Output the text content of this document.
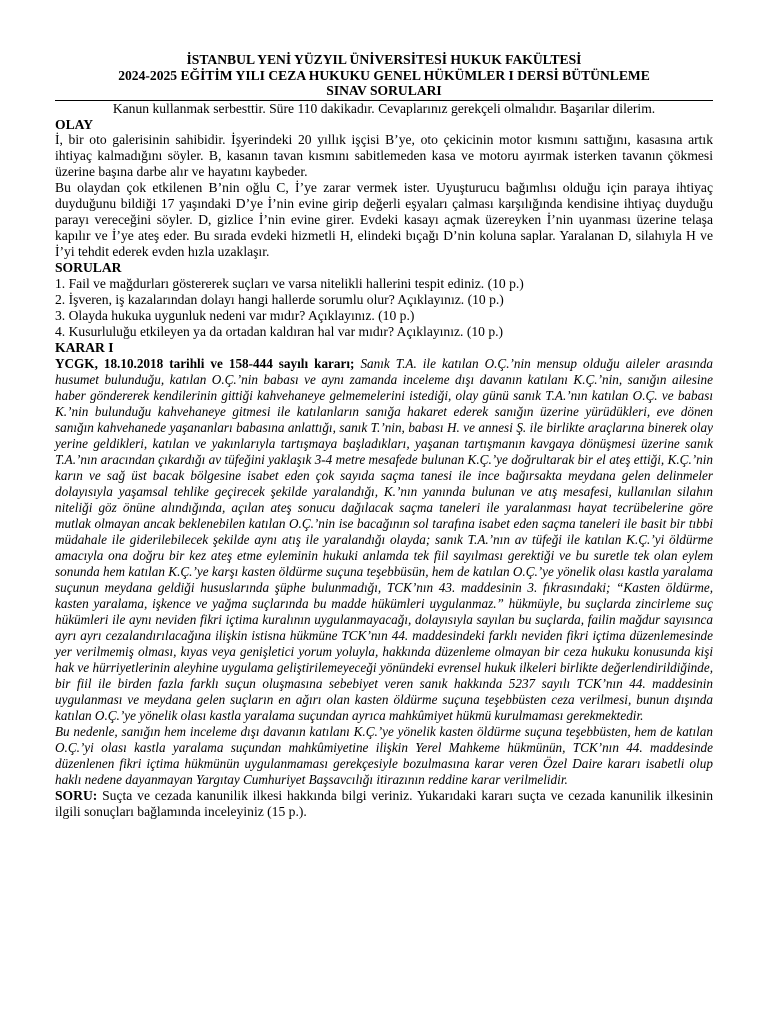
İSTANBUL YENİ YÜZYIL ÜNİVERSİTESİ HUKUK FAKÜLTESİ
2024-2025 EĞİTİM YILI CEZA HUKUKU GENEL HÜKÜMLER I DERSİ BÜTÜNLEME
SINAV SORULARI
Kanun kullanmak serbesttir. Süre 110 dakikadır. Cevaplarınız gerekçeli olmalıdır. Başarılar dilerim.
OLAY

İ, bir oto galerisinin sahibidir. İşyerindeki 20 yıllık işçisi B’ye, oto çekicinin motor kısmını sattığını, kasasına artık ihtiyaç kalmadığını söyler. B, kasanın tavan kısmını sabitlemeden kasa ve motoru ayırmak isterken tavanın çökmesi üzerine başına darbe alır ve hayatını kaybeder.

Bu olaydan çok etkilenen B’nin oğlu C, İ’ye zarar vermek ister. Uyuşturucu bağımlısı olduğu için paraya ihtiyaç duyduğunu bildiği 17 yaşındaki D’ye İ’nin evine girip değerli eşyaları çalması karşılığında kendisine ihtiyaç duyduğu parayı vereceğini söyler. D, gizlice İ’nin evine girer. Evdeki kasayı açmak üzereyken İ’nin uyanması üzerine telaşa kapılır ve İ’ye ateş eder. Bu sırada evdeki hizmetli H, elindeki bıçağı D’nin koluna saplar. Yaralanan D, silahıyla H ve İ’yi tehdit ederek evden hızla uzaklaşır.

SORULAR
1. Fail ve mağdurları göstererek suçları ve varsa nitelikli hallerini tespit ediniz. (10 p.)
2. İşveren, iş kazalarından dolayı hangi hallerde sorumlu olur? Açıklayınız. (10 p.)
3. Olayda hukuka uygunluk nedeni var mıdır? Açıklayınız. (10 p.)
4. Kusurluluğu etkileyen ya da ortadan kaldıran hal var mıdır? Açıklayınız. (10 p.)
KARAR I

YCGK, 18.10.2018 tarihli ve 158-444 sayılı kararı; Sanık T.A. ile katılan O.Ç.’nin mensup olduğu aileler arasında husumet bulunduğu, katılan O.Ç.’nin babası ve aynı zamanda inceleme dışı davanın katılanı K.Ç.’nin, sanığın ailesine haber göndererek kendilerinin gittiği kahvehaneye gelmemelerini istediği, olay günü sanık T.A.’nın katılan O.Ç. ve babası K.’nin bulunduğu kahvehaneye gitmesi ile katılanların sanığa hakaret ederek sanığın üzerine yürüdükleri, eve dönen sanığın kahvehanede yaşananları babasına anlattığı, sanık T.’nin, babası H. ve annesi Ş. ile birlikte araçlarına binerek olay yerine geldikleri, katılan ve yakınlarıyla tartışmaya başladıkları, yaşanan tartışmanın kavgaya dönüşmesi üzerine sanık T.A.’nın aracından çıkardığı av tüfeğini yaklaşık 3-4 metre mesafede bulunan K.Ç.’ye doğrultarak bir el ateş ettiği, K.Ç.’nin karın ve sağ üst bacak bölgesine isabet eden çok sayıda saçma tanesi ile ince bağırsakta meydana gelen delinmeler dolayısıyla yaşamsal tehlike geçirecek şekilde yaralandığı, K.’nın yanında bulunan ve atış mesafesi, kullanılan silahın niteliği göz önüne alındığında, açılan ateş sonucu dağılacak saçma taneleri ile yaralanması hayat tecrübelerine göre mutlak olmayan ancak beklenebilen katılan O.Ç.’nin ise bacağının sol tarafına isabet eden saçma taneleri ile basit bir tıbbi müdahale ile giderilebilecek şekilde aynı atış ile yaralandığı olayda; sanık T.A.’nın av tüfeği ile katılan K.Ç.’yi öldürme amacıyla ona doğru bir kez ateş etme eyleminin hukuki anlamda tek fiil sayılması gerektiği ve bu suretle tek olan eylem sonunda hem katılan K.Ç.’ye karşı kasten öldürme suçuna teşebbüsün, hem de katılan O.Ç.’ye yönelik olası kastla yaralama suçunun meydana geldiği hususlarında şüphe bulunmadığı, TCK’nın 43. maddesinin 3. fıkrasındaki; “Kasten öldürme, kasten yaralama, işkence ve yağma suçlarında bu madde hükümleri uygulanmaz.” hükmüyle, bu suçlarda zincirleme suç hükümleri ile aynı neviden fikri içtima kuralının uygulanmayacağı, dolayısıyla sayılan bu suçlarda, failin mağdur sayısınca ayrı ayrı cezalandırılacağına ilişkin istisna hükmüne TCK’nın 44. maddesindeki farklı neviden fikri içtima düzenlemesinde yer verilmemiş olması, kıyas veya genişletici yorum yoluyla, hakkında düzenleme olmayan bir ceza hukuku konusunda kişi hak ve hürriyetlerinin aleyhine uygulama geliştirilemeyeceği yönündeki evrensel hukuk ilkeleri birlikte değerlendirildiğinde, bir fiil ile birden fazla farklı suçun oluşmasına sebebiyet veren sanık hakkında 5237 sayılı TCK’nın 44. maddesinin uygulanması ve meydana gelen suçların en ağırı olan kasten öldürme suçuna teşebbüsten ceza verilmesi, bunun dışında katılan O.Ç.’ye yönelik olası kastla yaralama suçundan ayrıca mahkûmiyet hükmü kurulmaması gerekmektedir.

Bu nedenle, sanığın hem inceleme dışı davanın katılanı K.Ç.’ye yönelik kasten öldürme suçuna teşebbüsten, hem de katılan O.Ç.’yi olası kastla yaralama suçundan mahkûmiyetine ilişkin Yerel Mahkeme hükmünün, TCK’nın 44. maddesinde düzenlenen fikri içtima hükmünün uygulanmaması gerekçesiyle bozulmasına karar veren Özel Daire kararı isabetli olup haklı nedene dayanmayan Yargıtay Cumhuriyet Başsavcılığı itirazının reddine karar verilmelidir.

SORU: Suçta ve cezada kanunilik ilkesi hakkında bilgi veriniz. Yukarıdaki kararı suçta ve cezada kanunilik ilkesinin ilgili sonuçları bağlamında inceleyiniz (15 p.).
